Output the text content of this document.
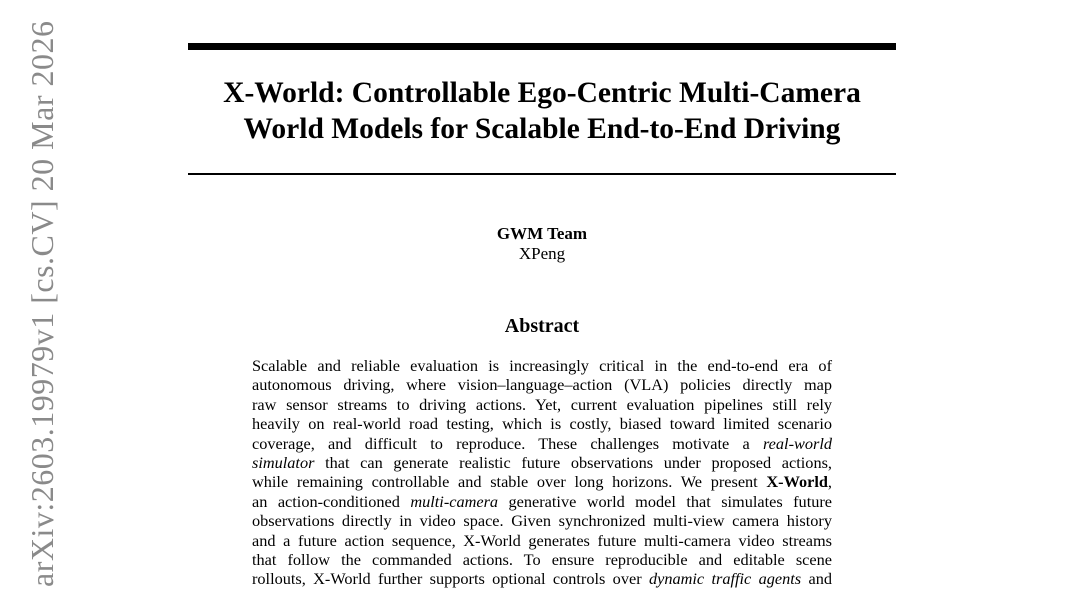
X-World: Controllable Ego-Centric Multi-Camera
World Models for Scalable End-to-End Driving
GWM Team
XPeng
Abstract
Scalable and reliable evaluation is increasingly critical in the end-to-end era of
autonomous driving, where vision–language–action (VLA) policies directly map
raw sensor streams to driving actions. Yet, current evaluation pipelines still rely
heavily on real-world road testing, which is costly, biased toward limited scenario
coverage, and difficult to reproduce. These challenges motivate a real-world
simulator that can generate realistic future observations under proposed actions,
while remaining controllable and stable over long horizons. We present X-World,
an action-conditioned multi-camera generative world model that simulates future
observations directly in video space. Given synchronized multi-view camera history
and a future action sequence, X-World generates future multi-camera video streams
that follow the commanded actions. To ensure reproducible and editable scene
rollouts, X-World further supports optional controls over dynamic traffic agents and
arXiv:2603.19979v1 [cs.CV] 20 Mar 2026
